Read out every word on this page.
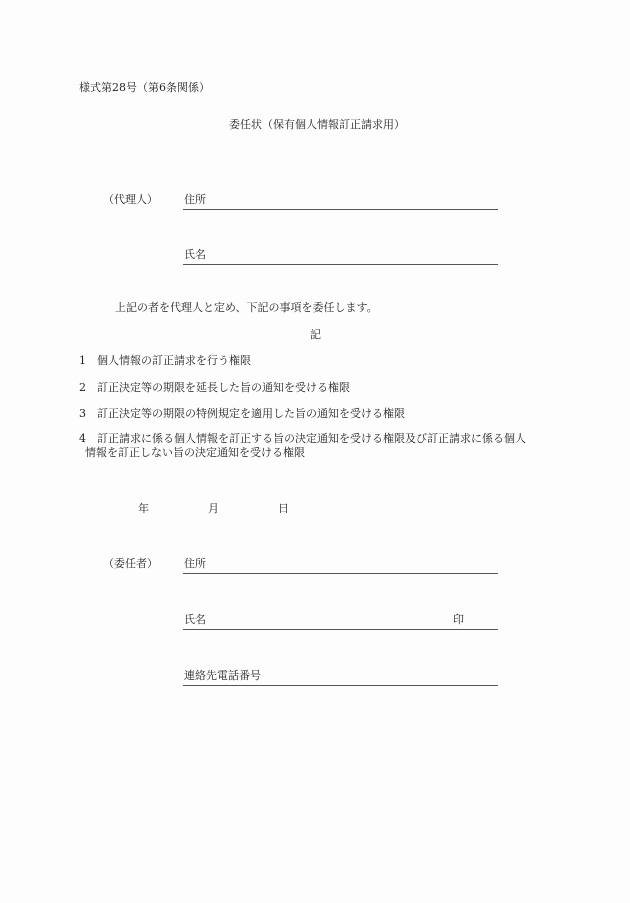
様式第28号（第6条関係）
委任状（保有個人情報訂正請求用）
（代理人） 住所
氏名
上記の者を代理人と定め、下記の事項を委任します。
記
1 個人情報の訂正請求を行う権限
2 訂正決定等の期限を延長した旨の通知を受ける権限
3 訂正決定等の期限の特例規定を適用した旨の通知を受ける権限
4 訂正請求に係る個人情報を訂正する旨の決定通知を受ける権限及び訂正請求に係る個人
情報を訂正しない旨の決定通知を受ける権限
年	月	日
（委任者） 住所
氏名	印
連絡先電話番号
